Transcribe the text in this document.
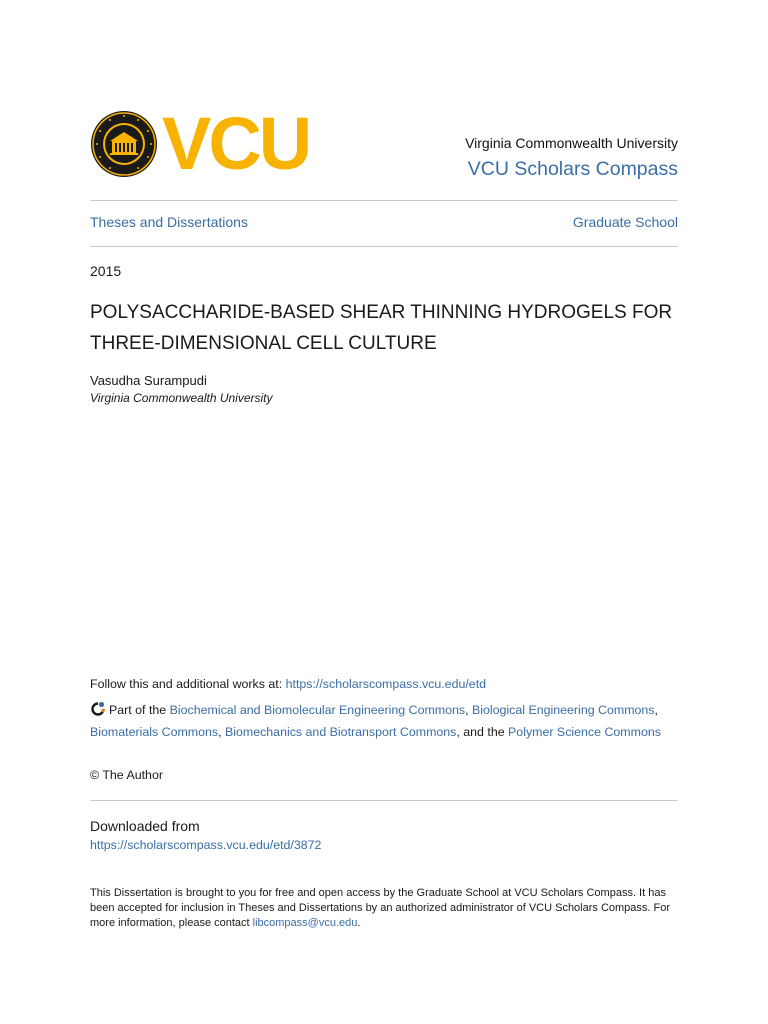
VCU	Virginia Commonwealth University
VCU Scholars Compass
Theses and Dissertations	Graduate School
2015
POLYSACCHARIDE-BASED SHEAR THINNING HYDROGELS FOR
THREE-DIMENSIONAL CELL CULTURE
Vasudha Surampudi
Virginia Commonwealth University
Follow this and additional works at: https://scholarscompass.vcu.edu/etd
Part of the Biochemical and Biomolecular Engineering Commons, Biological Engineering Commons,
Biomaterials Commons, Biomechanics and Biotransport Commons, and the Polymer Science Commons
© The Author
Downloaded from
https://scholarscompass.vcu.edu/etd/3872
This Dissertation is brought to you for free and open access by the Graduate School at VCU Scholars Compass. It has been accepted for inclusion in Theses and Dissertations by an authorized administrator of VCU Scholars Compass. For more information, please contact libcompass@vcu.edu.
